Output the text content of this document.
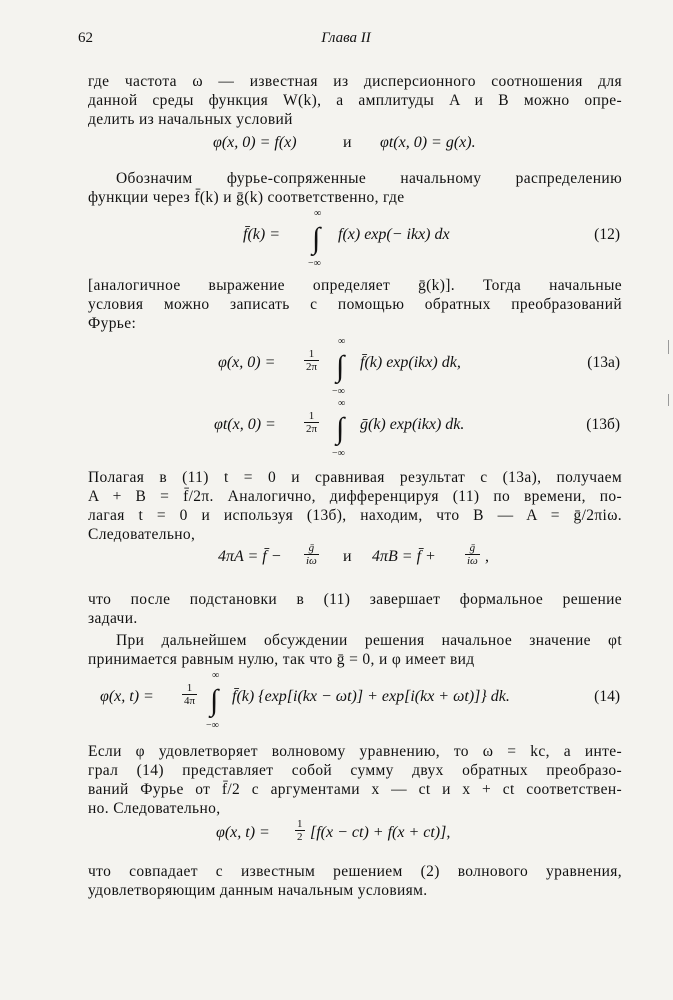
62	Глава II
где частота ω — известная из дисперсионного соотношения для
данной среды функция W(k), а амплитуды A и B можно опре-
делить из начальных условий
φ(x, 0) = f(x)	и φt(x, 0) = g(x).
Обозначим фурье-сопряженные начальному распределению
функции через f̄(k) и ḡ(k) соответственно, где
f̄(k) =
∞
∫
−∞
f(x) exp(− ikx) dx	(12)
[аналогичное выражение определяет ḡ(k)]. Тогда начальные
условия можно записать с помощью обратных преобразований
Фурье:
φ(x, 0) =	$\frac{1}{2\pi}$
∞
∫
−∞
f̄(k) exp(ikx) dk,	(13а)
φt(x, 0) =	$\frac{1}{2\pi}$
∞
∫
−∞
ḡ(k) exp(ikx) dk.	(13б)
Полагая в (11) t = 0 и сравнивая результат с (13а), получаем
A + B = f̄/2π. Аналогично, дифференцируя (11) по времени, по-
лагая t = 0 и используя (13б), находим, что B — A = ḡ/2πiω.
Следовательно,
4πA = f̄ − $\frac{\text{ḡ}}{i\omega}$ и 4πB = f̄ +	$\frac{\text{ḡ}}{i\omega}$ ,
что после подстановки в (11) завершает формальное решение
задачи.
При дальнейшем обсуждении решения начальное значение φt
принимается равным нулю, так что ḡ = 0, и φ имеет вид
φ(x, t) =	$\frac{1}{4\pi}$
∞
∫
−∞
f̄(k) {exp[i(kx − ωt)] + exp[i(kx + ωt)]} dk.	(14)
Если φ удовлетворяет волновому уравнению, то ω = kc, а инте-
грал (14) представляет собой сумму двух обратных преобразо-
ваний Фурье от f̄/2 с аргументами x — ct и x + ct соответствен-
но. Следовательно,
φ(x, $t) = \frac{1}{2} [f(x - ct) + f(x + ct)]$,
что совпадает с известным решением (2) волнового уравнения,
удовлетворяющим данным начальным условиям.
